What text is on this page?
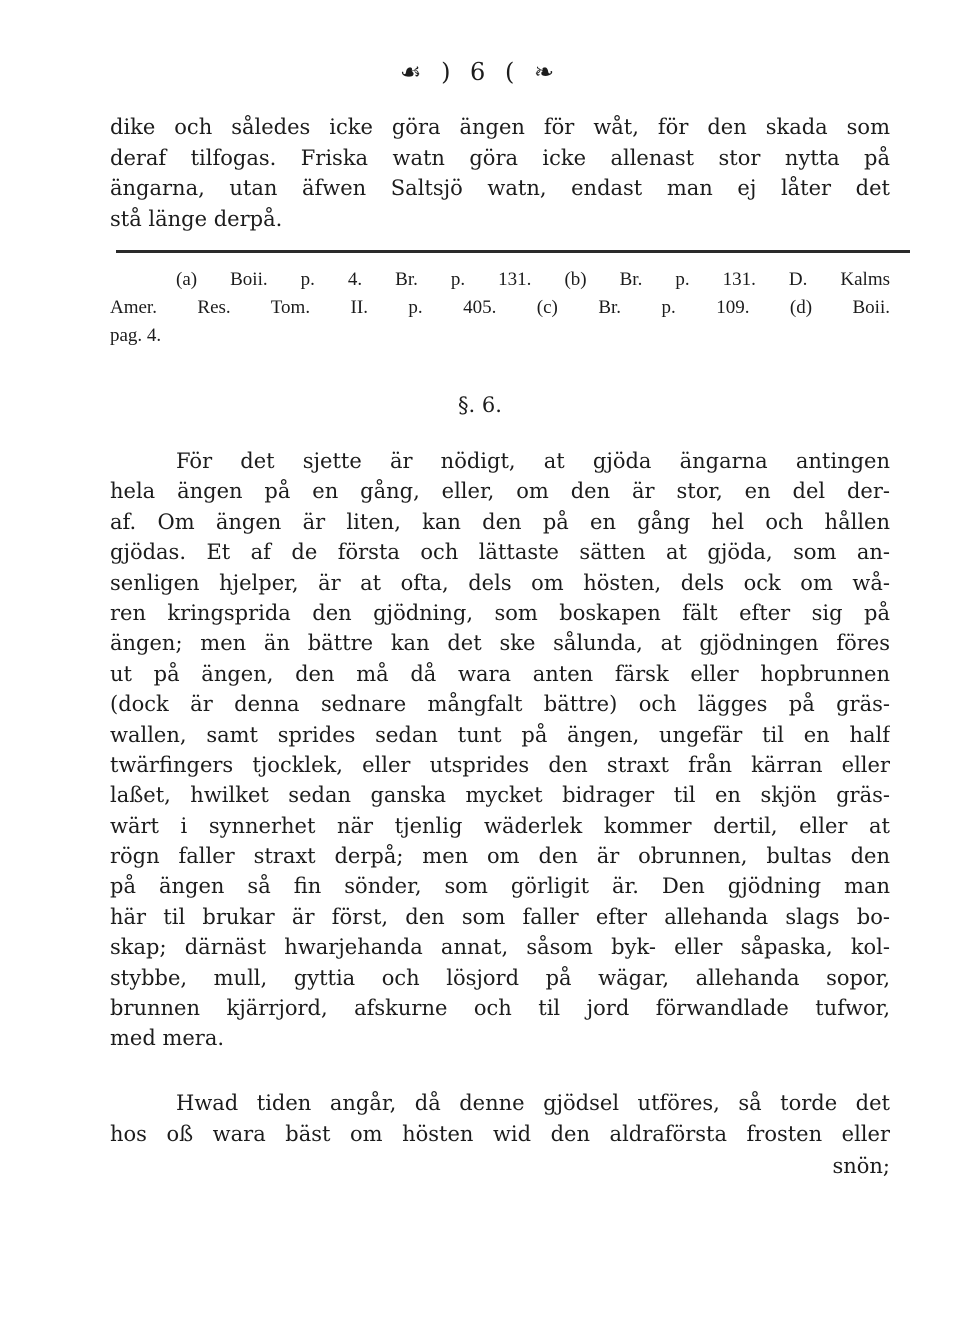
☙ ) 6 ( ❧
dike och således icke göra ängen för wåt, för den skada som
deraf tilfogas. Friska watn göra icke allenast stor nytta på
ängarna, utan äfwen Saltsjö watn, endast man ej låter det
stå länge derpå.
(a) Boii. p. 4. Br. p. 131. (b) Br. p. 131. D. Kalms
Amer. Res. Tom. II. p. 405. (c) Br. p. 109. (d) Boii.
pag. 4.
§. 6.
För det sjette är nödigt, at gjöda ängarna antingen
hela ängen på en gång, eller, om den är stor, en del der-
af. Om ängen är liten, kan den på en gång hel och hållen
gjödas. Et af de första och lättaste sätten at gjöda, som an-
senligen hjelper, är at ofta, dels om hösten, dels ock om wå-
ren kringsprida den gjödning, som boskapen fält efter sig på
ängen; men än bättre kan det ske sålunda, at gjödningen föres
ut på ängen, den må då wara anten färsk eller hopbrunnen
(dock är denna sednare mångfalt bättre) och lägges på gräs-
wallen, samt sprides sedan tunt på ängen, ungefär til en half
twärfingers tjocklek, eller utsprides den straxt från kärran eller
laßet, hwilket sedan ganska mycket bidrager til en skjön gräs-
wärt i synnerhet när tjenlig wäderlek kommer dertil, eller at
rögn faller straxt derpå; men om den är obrunnen, bultas den
på ängen så fin sönder, som görligit är. Den gjödning man
här til brukar är först, den som faller efter allehanda slags bo-
skap; därnäst hwarjehanda annat, såsom byk- eller såpaska, kol-
stybbe, mull, gyttia och lösjord på wägar, allehanda sopor,
brunnen kjärrjord, afskurne och til jord förwandlade tufwor,
med mera.
Hwad tiden angår, då denne gjödsel utföres, så torde det
hos oß wara bäst om hösten wid den aldraförsta frosten eller
snön;
